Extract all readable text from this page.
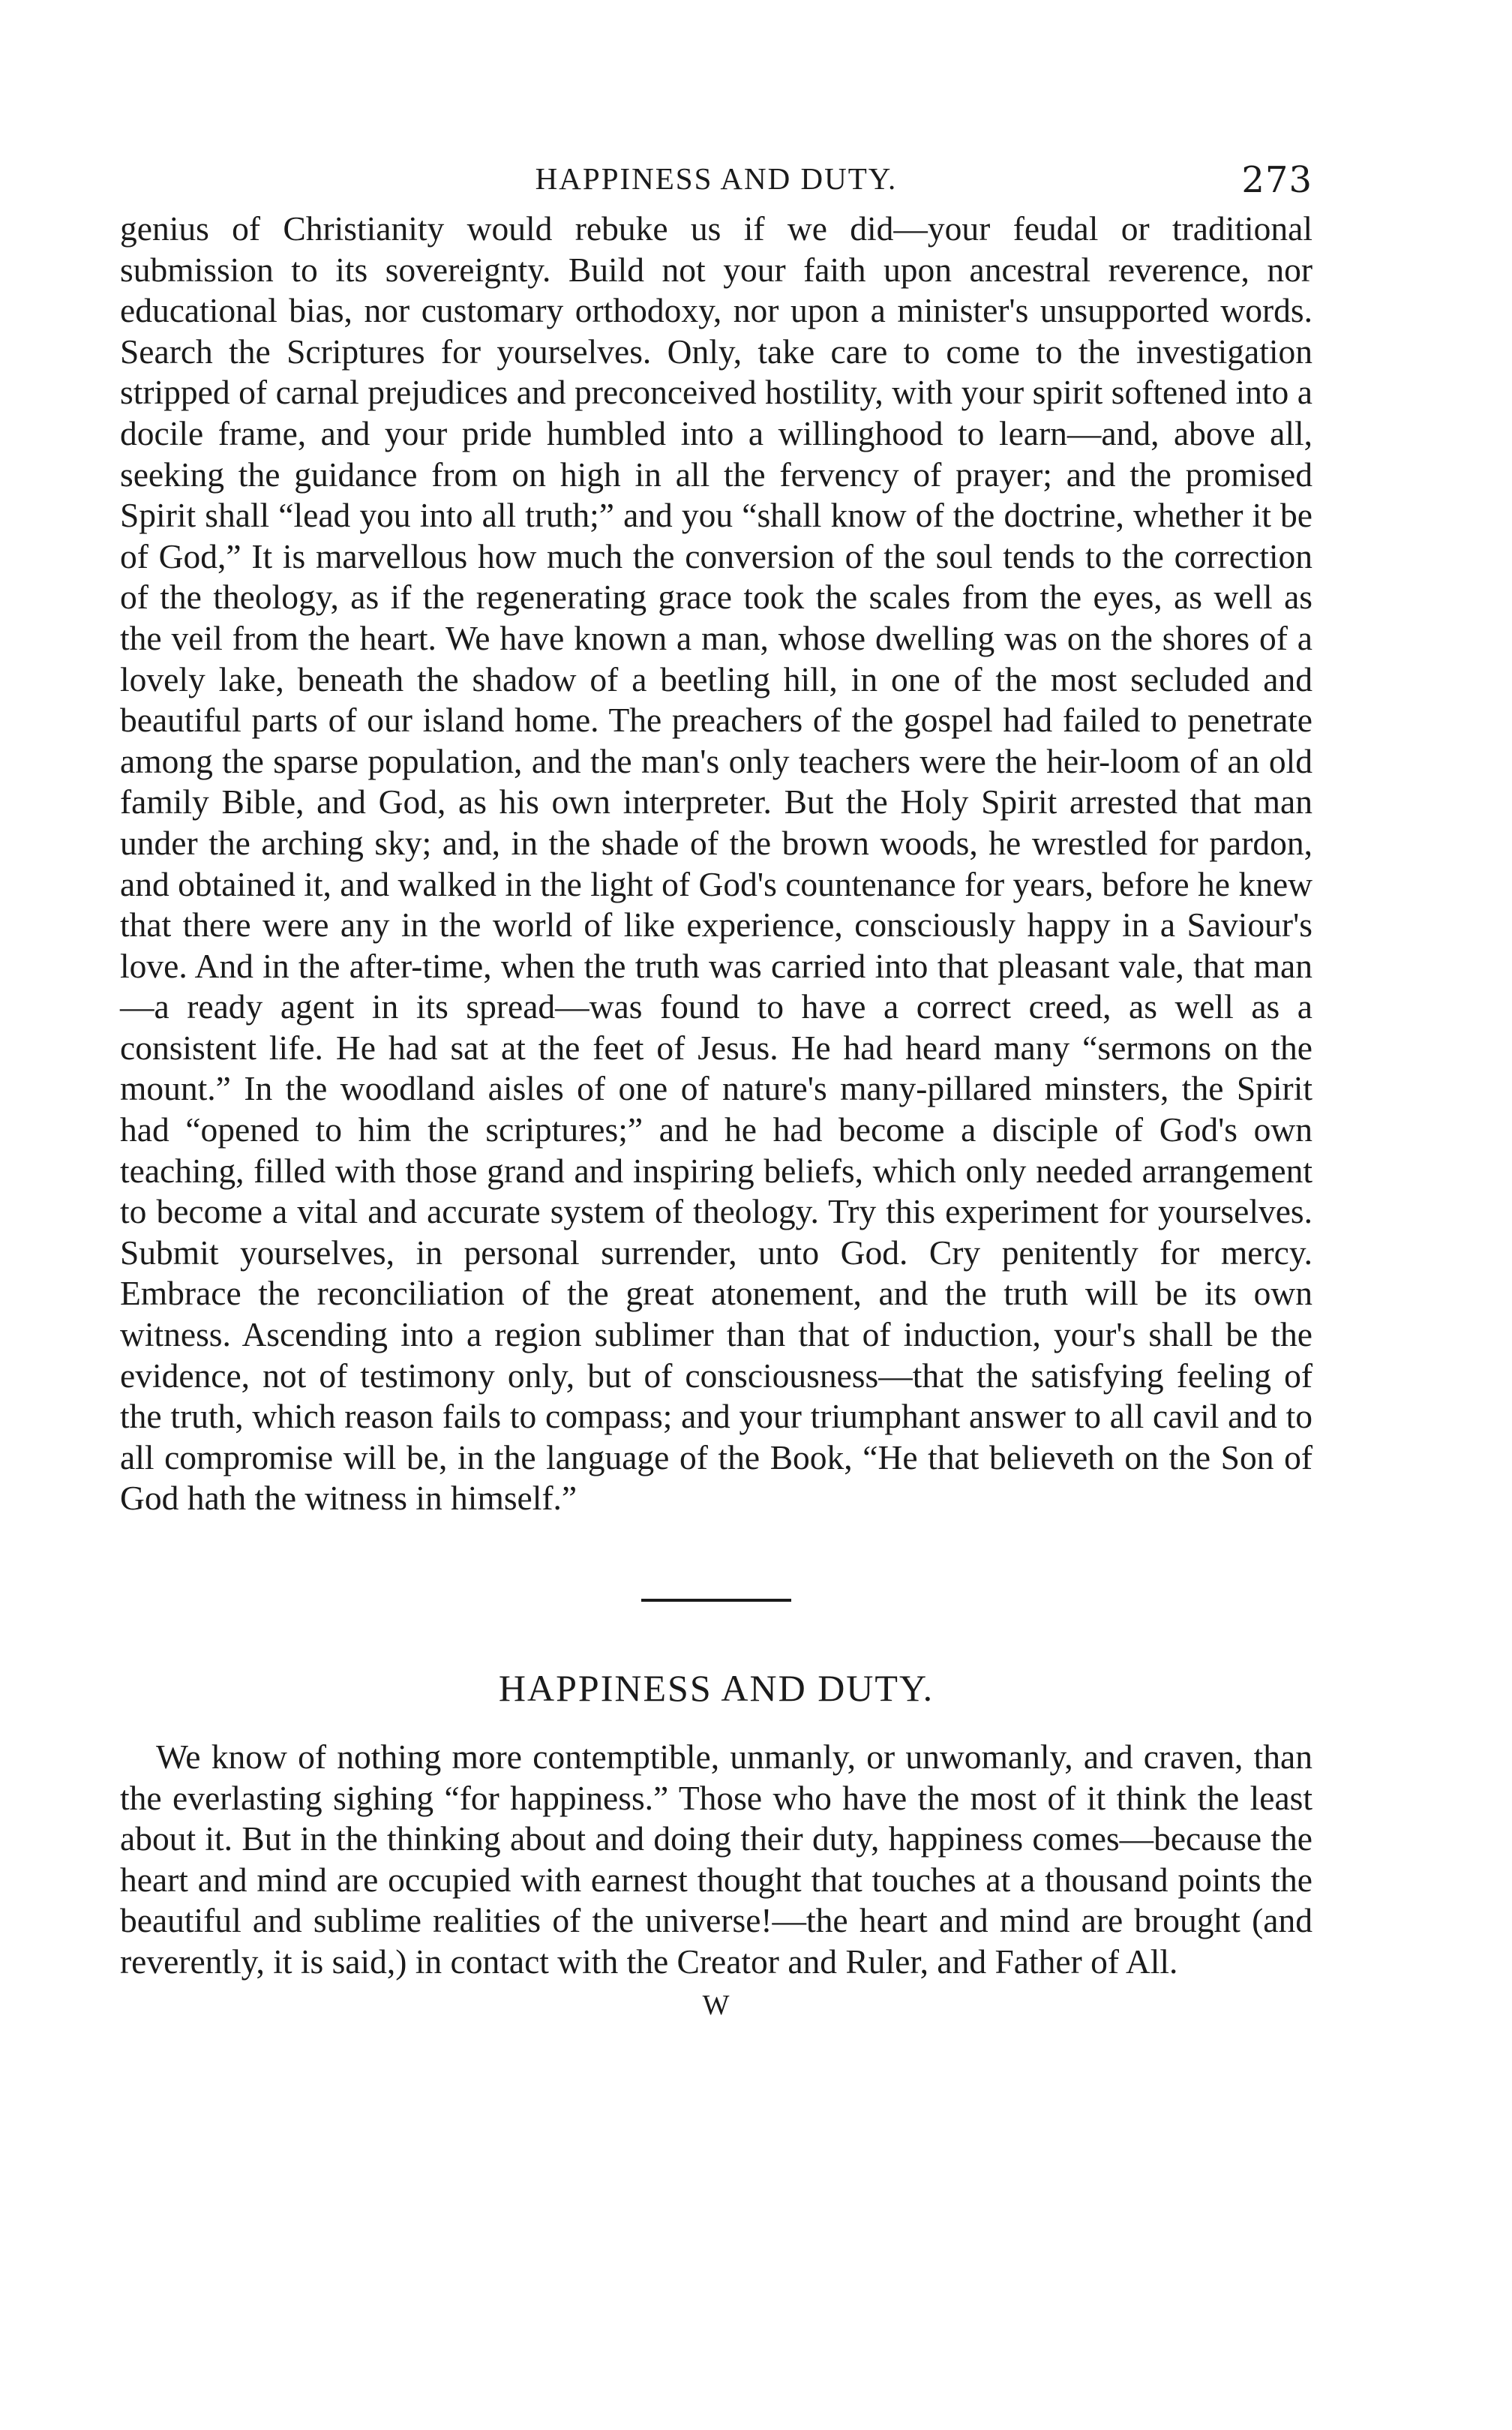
HAPPINESS AND DUTY.	273

genius of Christianity would rebuke us if we did—your feudal or traditional submission to its sovereignty. Build not your faith upon ancestral reverence, nor educational bias, nor customary orthodoxy, nor upon a minister's unsupported words. Search the Scriptures for yourselves. Only, take care to come to the investigation stripped of carnal prejudices and preconceived hostility, with your spirit softened into a docile frame, and your pride humbled into a willinghood to learn—and, above all, seeking the guidance from on high in all the fervency of prayer; and the promised Spirit shall “lead you into all truth;” and you “shall know of the doctrine, whether it be of God,” It is marvellous how much the conversion of the soul tends to the correction of the theology, as if the regenerating grace took the scales from the eyes, as well as the veil from the heart. We have known a man, whose dwelling was on the shores of a lovely lake, beneath the shadow of a beetling hill, in one of the most secluded and beautiful parts of our island home. The preachers of the gospel had failed to penetrate among the sparse population, and the man's only teachers were the heir-loom of an old family Bible, and God, as his own interpreter. But the Holy Spirit arrested that man under the arching sky; and, in the shade of the brown woods, he wrestled for pardon, and obtained it, and walked in the light of God's countenance for years, before he knew that there were any in the world of like experience, consciously happy in a Saviour's love. And in the after-time, when the truth was carried into that pleasant vale, that man—a ready agent in its spread—was found to have a correct creed, as well as a consistent life. He had sat at the feet of Jesus. He had heard many “sermons on the mount.” In the woodland aisles of one of nature's many-pillared minsters, the Spirit had “opened to him the scriptures;” and he had become a disciple of God's own teaching, filled with those grand and inspiring beliefs, which only needed arrangement to become a vital and accurate system of theology. Try this experiment for yourselves. Submit yourselves, in personal surrender, unto God. Cry penitently for mercy. Embrace the reconciliation of the great atonement, and the truth will be its own witness. Ascending into a region sublimer than that of induction, your's shall be the evidence, not of testimony only, but of consciousness—that the satisfying feeling of the truth, which reason fails to compass; and your triumphant answer to all cavil and to all compromise will be, in the language of the Book, “He that believeth on the Son of God hath the witness in himself.”

HAPPINESS AND DUTY.

We know of nothing more contemptible, unmanly, or unwomanly, and craven, than the everlasting sighing “for happiness.” Those who have the most of it think the least about it. But in the thinking about and doing their duty, happiness comes—because the heart and mind are occupied with earnest thought that touches at a thousand points the beautiful and sublime realities of the universe!—the heart and mind are brought (and reverently, it is said,) in contact with the Creator and Ruler, and Father of All.

W
